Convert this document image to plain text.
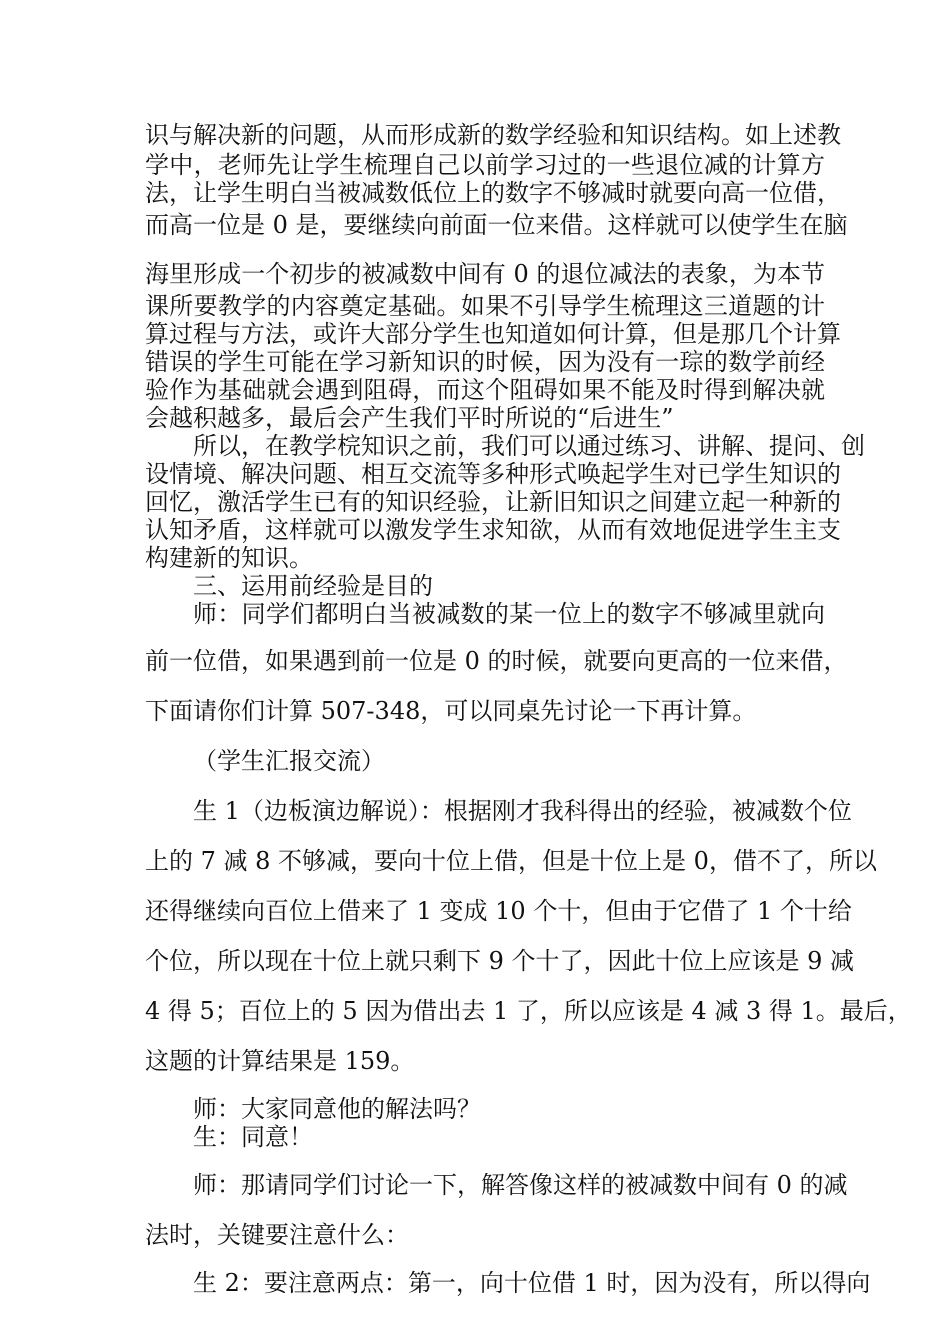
识与解决新的问题，从而形成新的数学经验和知识结构。如上述教
学中，老师先让学生梳理自己以前学习过的一些退位减的计算方
法，让学生明白当被减数低位上的数字不够减时就要向高一位借，
而高一位是 0 是，要继续向前面一位来借。这样就可以使学生在脑
海里形成一个初步的被减数中间有 0 的退位减法的表象，为本节
课所要教学的内容奠定基础。如果不引导学生梳理这三道题的计
算过程与方法，或许大部分学生也知道如何计算，但是那几个计算
错误的学生可能在学习新知识的时候，因为没有一琮的数学前经
验作为基础就会遇到阻碍，而这个阻碍如果不能及时得到解决就
会越积越多，最后会产生我们平时所说的“后进生”
所以，在教学梡知识之前，我们可以通过练习、讲解、提问、创
设情境、解决问题、相互交流等多种形式唤起学生对已学生知识的
回忆，激活学生已有的知识经验，让新旧知识之间建立起一种新的
认知矛盾，这样就可以激发学生求知欲，从而有效地促进学生主支
构建新的知识。
三、运用前经验是目的
师：同学们都明白当被减数的某一位上的数字不够减里就向
前一位借，如果遇到前一位是 0 的时候，就要向更高的一位来借，
下面请你们计算 507-348，可以同桌先讨论一下再计算。
（学生汇报交流）
生 1（边板演边解说）：根据刚才我科得出的经验，被减数个位
上的 7 减 8 不够减，要向十位上借，但是十位上是 0，借不了，所以
还得继续向百位上借来了 1 变成 10 个十，但由于它借了 1 个十给
个位，所以现在十位上就只剩下 9 个十了，因此十位上应该是 9 减
4 得 5；百位上的 5 因为借出去 1 了，所以应该是 4 减 3 得 1。最后，
这题的计算结果是 159。
师：大家同意他的解法吗？
生：同意！
师：那请同学们讨论一下，解答像这样的被减数中间有 0 的减
法时，关键要注意什么：
生 2：要注意两点：第一，向十位借 1 时，因为没有，所以得向
